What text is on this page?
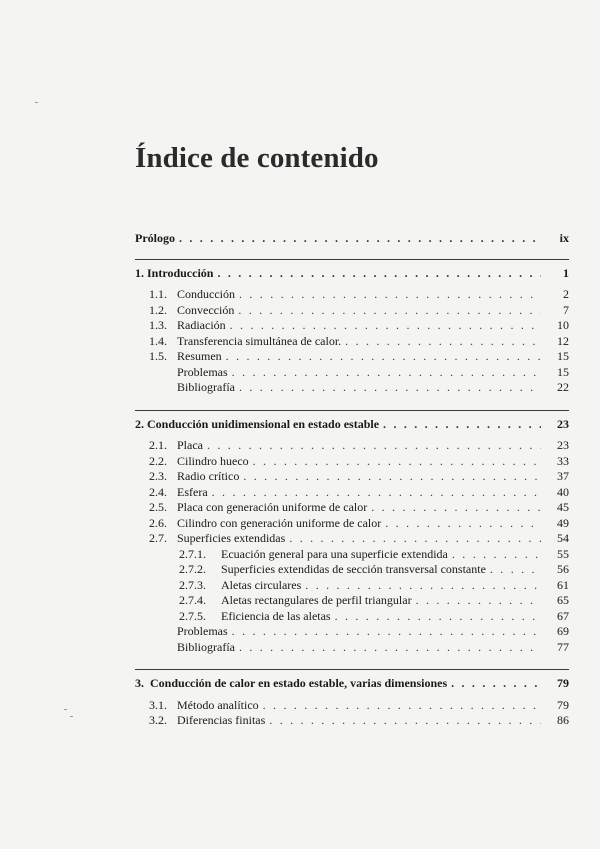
Índice de contenido
Prólogo . . .	ix
1. Introducción . . .	1
1.1. Conducción . . .	2
1.2. Convección . . .	7
1.3. Radiación . . .	10
1.4. Transferencia simultánea de calor. . . .	12
1.5. Resumen . . .	15
Problemas . . .	15
Bibliografía . . .	22
2. Conducción unidimensional en estado estable . . .	23
2.1. Placa . . .	23
2.2. Cilindro hueco . . .	33
2.3. Radio crítico . . .	37
2.4. Esfera . . .	40
2.5. Placa con generación uniforme de calor . . .	45
2.6. Cilindro con generación uniforme de calor . . .	49
2.7. Superficies extendidas . . .	54
2.7.1.	Ecuación general para una superficie extendida . . .	55
2.7.2.	Superficies extendidas de sección transversal constante . . .	56
2.7.3.	Aletas circulares . . .	61
2.7.4.	Aletas rectangulares de perfil triangular . . .	65
2.7.5.	Eficiencia de las aletas . . .	67
Problemas . . .	69
Bibliografía . . .	77
3.  Conducción de calor en estado estable, varias dimensiones . . .	79
3.1. Método analítico . . .	79
3.2. Diferencias finitas . . .	86
